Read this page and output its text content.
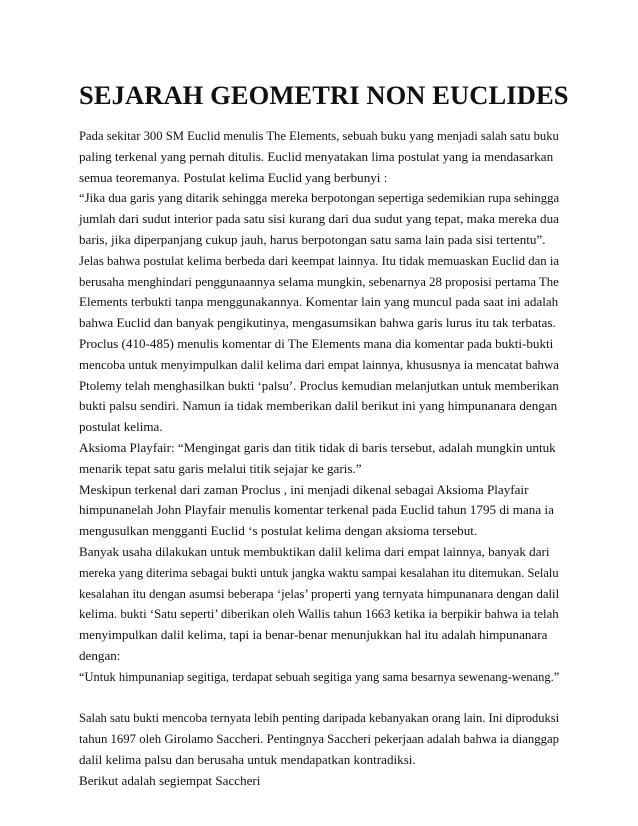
SEJARAH GEOMETRI NON EUCLIDES
Pada sekitar 300 SM Euclid menulis The Elements, sebuah buku yang menjadi salah satu buku
paling terkenal yang pernah ditulis. Euclid menyatakan lima postulat yang ia mendasarkan
semua teoremanya. Postulat kelima Euclid yang berbunyi :
“Jika dua garis yang ditarik sehingga mereka berpotongan sepertiga sedemikian rupa sehingga
jumlah dari sudut interior pada satu sisi kurang dari dua sudut yang tepat, maka mereka dua
baris, jika diperpanjang cukup jauh, harus berpotongan satu sama lain pada sisi tertentu”.
Jelas bahwa postulat kelima berbeda dari keempat lainnya. Itu tidak memuaskan Euclid dan ia
berusaha menghindari penggunaannya selama mungkin, sebenarnya 28 proposisi pertama The
Elements terbukti tanpa menggunakannya. Komentar lain yang muncul pada saat ini adalah
bahwa Euclid dan banyak pengikutinya, mengasumsikan bahwa garis lurus itu tak terbatas.
Proclus (410-485) menulis komentar di The Elements mana dia komentar pada bukti-bukti
mencoba untuk menyimpulkan dalil kelima dari empat lainnya, khususnya ia mencatat bahwa
Ptolemy telah menghasilkan bukti ‘palsu’. Proclus kemudian melanjutkan untuk memberikan
bukti palsu sendiri. Namun ia tidak memberikan dalil berikut ini yang himpunanara dengan
postulat kelima.
Aksioma Playfair: “Mengingat garis dan titik tidak di baris tersebut, adalah mungkin untuk
menarik tepat satu garis melalui titik sejajar ke garis.”
Meskipun terkenal dari zaman Proclus , ini menjadi dikenal sebagai Aksioma Playfair
himpunanelah John Playfair menulis komentar terkenal pada Euclid tahun 1795 di mana ia
mengusulkan mengganti Euclid ‘s postulat kelima dengan aksioma tersebut.
Banyak usaha dilakukan untuk membuktikan dalil kelima dari empat lainnya, banyak dari
mereka yang diterima sebagai bukti untuk jangka waktu sampai kesalahan itu ditemukan. Selalu
kesalahan itu dengan asumsi beberapa ‘jelas’ properti yang ternyata himpunanara dengan dalil
kelima. bukti ‘Satu seperti’ diberikan oleh Wallis tahun 1663 ketika ia berpikir bahwa ia telah
menyimpulkan dalil kelima, tapi ia benar-benar menunjukkan hal itu adalah himpunanara
dengan:
“Untuk himpunaniap segitiga, terdapat sebuah segitiga yang sama besarnya sewenang-wenang.”
Salah satu bukti mencoba ternyata lebih penting daripada kebanyakan orang lain. Ini diproduksi
tahun 1697 oleh Girolamo Saccheri. Pentingnya Saccheri pekerjaan adalah bahwa ia dianggap
dalil kelima palsu dan berusaha untuk mendapatkan kontradiksi.
Berikut adalah segiempat Saccheri
